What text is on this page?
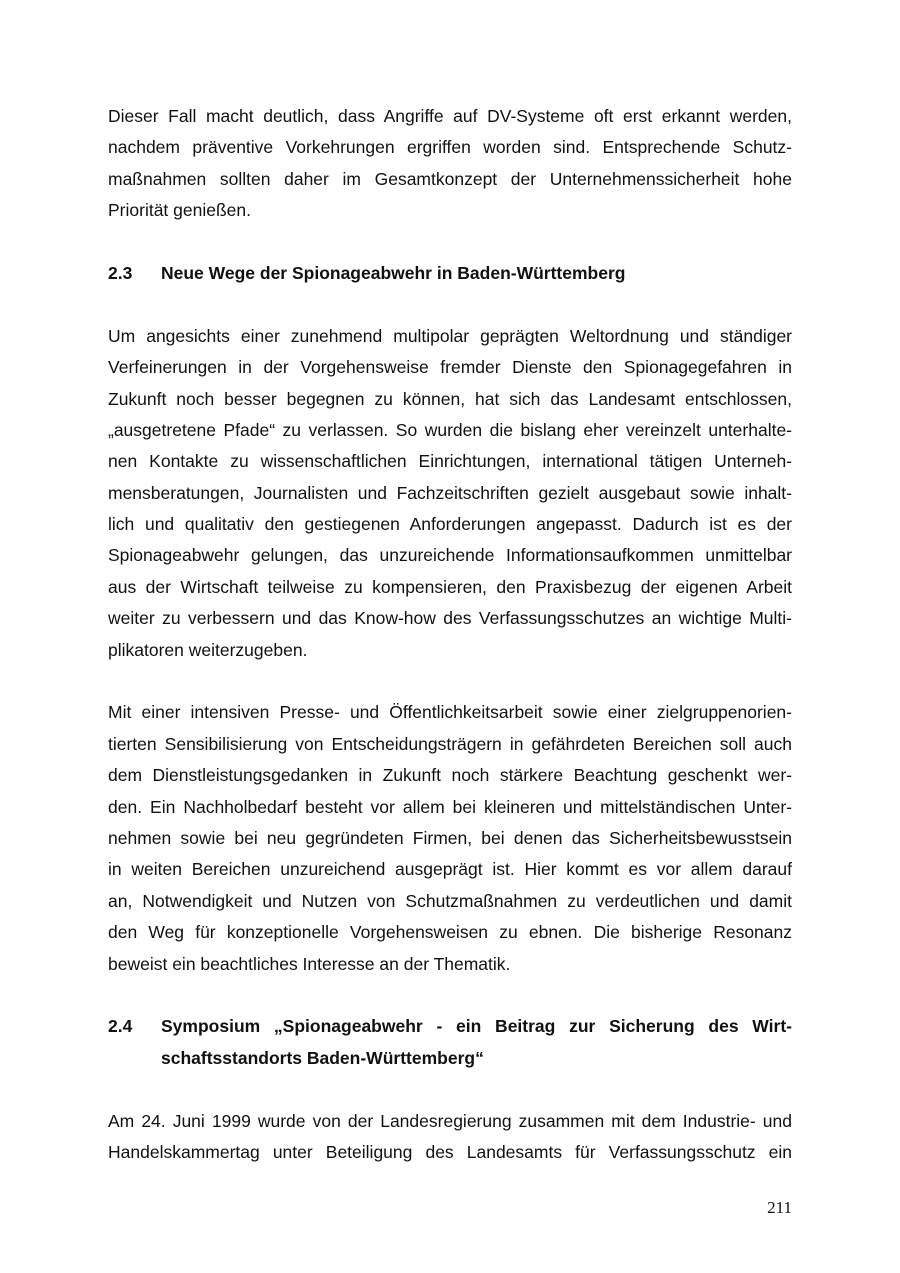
Dieser Fall macht deutlich, dass Angriffe auf DV-Systeme oft erst erkannt werden,
nachdem präventive Vorkehrungen ergriffen worden sind. Entsprechende Schutz-
maßnahmen sollten daher im Gesamtkonzept der Unternehmenssicherheit hohe
Priorität genießen.
2.3 Neue Wege der Spionageabwehr in Baden-Württemberg
Um angesichts einer zunehmend multipolar geprägten Weltordnung und ständiger
Verfeinerungen in der Vorgehensweise fremder Dienste den Spionagegefahren in
Zukunft noch besser begegnen zu können, hat sich das Landesamt entschlossen,
„ausgetretene Pfade“ zu verlassen. So wurden die bislang eher vereinzelt unterhalte-
nen Kontakte zu wissenschaftlichen Einrichtungen, international tätigen Unterneh-
mensberatungen, Journalisten und Fachzeitschriften gezielt ausgebaut sowie inhalt-
lich und qualitativ den gestiegenen Anforderungen angepasst. Dadurch ist es der
Spionageabwehr gelungen, das unzureichende Informationsaufkommen unmittelbar
aus der Wirtschaft teilweise zu kompensieren, den Praxisbezug der eigenen Arbeit
weiter zu verbessern und das Know-how des Verfassungsschutzes an wichtige Multi-
plikatoren weiterzugeben.
Mit einer intensiven Presse- und Öffentlichkeitsarbeit sowie einer zielgruppenorien-
tierten Sensibilisierung von Entscheidungsträgern in gefährdeten Bereichen soll auch
dem Dienstleistungsgedanken in Zukunft noch stärkere Beachtung geschenkt wer-
den. Ein Nachholbedarf besteht vor allem bei kleineren und mittelständischen Unter-
nehmen sowie bei neu gegründeten Firmen, bei denen das Sicherheitsbewusstsein
in weiten Bereichen unzureichend ausgeprägt ist. Hier kommt es vor allem darauf
an, Notwendigkeit und Nutzen von Schutzmaßnahmen zu verdeutlichen und damit
den Weg für konzeptionelle Vorgehensweisen zu ebnen. Die bisherige Resonanz
beweist ein beachtliches Interesse an der Thematik.
2.4 Symposium „Spionageabwehr - ein Beitrag zur Sicherung des Wirt-
schaftsstandorts Baden-Württemberg“
Am 24. Juni 1999 wurde von der Landesregierung zusammen mit dem Industrie- und
Handelskammertag unter Beteiligung des Landesamts für Verfassungsschutz ein
211
